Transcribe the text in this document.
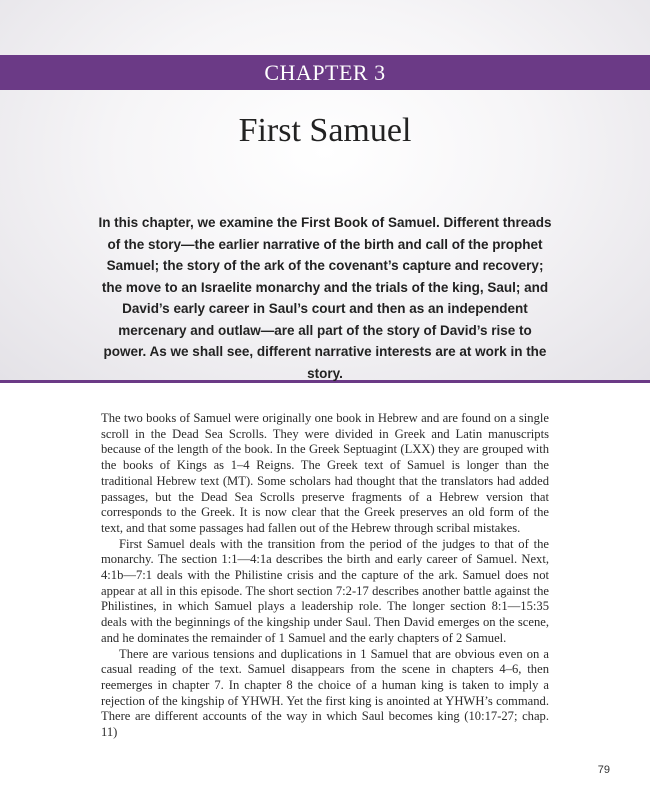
CHAPTER 3
First Samuel
In this chapter, we examine the First Book of Samuel. Different threads of the story—the earlier narrative of the birth and call of the prophet Samuel; the story of the ark of the covenant’s capture and recovery; the move to an Israelite monarchy and the trials of the king, Saul; and David’s early career in Saul’s court and then as an independent mercenary and outlaw—are all part of the story of David’s rise to power. As we shall see, different narrative interests are at work in the story.

The two books of Samuel were originally one book in Hebrew and are found on a single scroll in the Dead Sea Scrolls. They were divided in Greek and Latin manuscripts because of the length of the book. In the Greek Septuagint (LXX) they are grouped with the books of Kings as 1–4 Reigns. The Greek text of Samuel is longer than the traditional Hebrew text (MT). Some scholars had thought that the translators had added passages, but the Dead Sea Scrolls preserve fragments of a Hebrew version that corresponds to the Greek. It is now clear that the Greek preserves an old form of the text, and that some passages had fallen out of the Hebrew through scribal mistakes.

First Samuel deals with the transition from the period of the judges to that of the monarchy. The section 1:1—4:1a describes the birth and early career of Samuel. Next, 4:1b—7:1 deals with the Philistine crisis and the capture of the ark. Samuel does not appear at all in this episode. The short section 7:2-17 describes another battle against the Philistines, in which Samuel plays a leadership role. The longer section 8:1—15:35 deals with the beginnings of the kingship under Saul. Then David emerges on the scene, and he dominates the remainder of 1 Samuel and the early chapters of 2 Samuel.

There are various tensions and duplications in 1 Samuel that are obvious even on a casual reading of the text. Samuel disappears from the scene in chapters 4–6, then reemerges in chapter 7. In chapter 8 the choice of a human king is taken to imply a rejection of the kingship of YHWH. Yet the first king is anointed at YHWH’s command. There are different accounts of the way in which Saul becomes king (10:17-27; chap. 11)

79
